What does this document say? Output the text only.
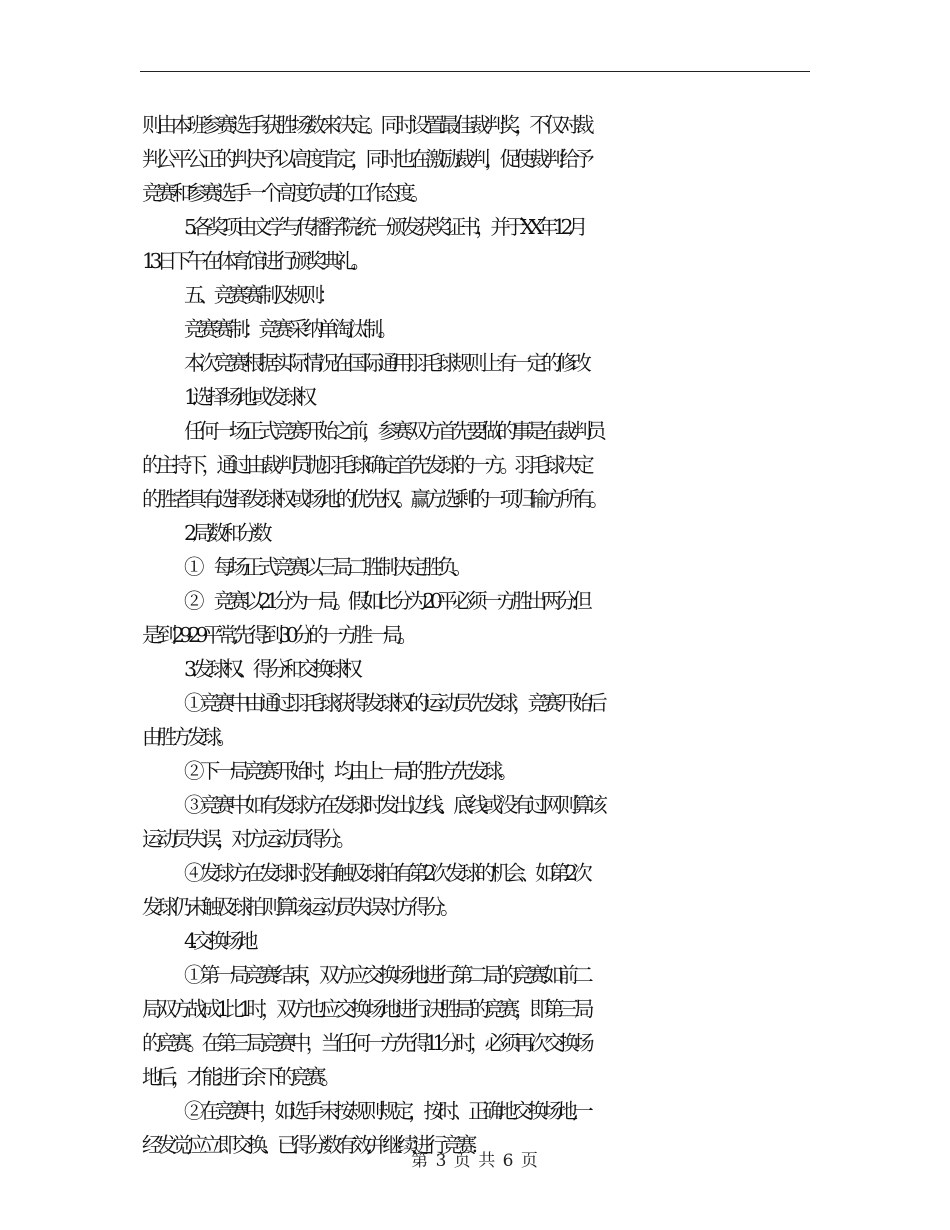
则由本班参赛选手获胜场数来决定。同时设置最佳裁判奖，不仅对裁
判公平公正的判决予以高度肯定，同时也在激励裁判，促使裁判给予
竞赛和参赛选手一个高度负责的工作态度。
5.各奖项由文学与传播学院统一颁发获奖证书，并于XX年12月
13日下午在体育馆进行颁奖典礼。
五、竞赛赛制及规则：
竞赛赛制：竞赛采纳单淘汰制。
本次竞赛根据实际情况在国际通用羽毛球规则上有一定的修改
1.选择场地或发球权
任何一场正式竞赛开始之前，参赛双方首先要做的事是在裁判员
的主持下，通过由裁判员抛羽毛球确定首先发球的一方。羽毛球决定
的胜者具有选择发球权或场地的优先权。赢方选剩的一项归输方所有。
2.局数和分数
①　每场正式竞赛以三局二胜制决定胜负。
②　竞赛以21分为一局。假如比分为20平必须一方胜出两分.但
是到29-29平常,先得到30分的一方胜一局。
3. 发球权、得分和交换球权
① 竞赛中由通过羽毛球获得发球权的运动员先发球，竞赛开始后
由胜方发球。
② 下一局竞赛开始时，均由上一局的胜方先发球。
③ 竞赛中如有发球方在发球时发出边线、底线或没有过网则算该
运动员失误，对方运动员得分。
④ 发球方在发球时没有触及球拍有第2次发球的机会、如第2次
发球仍未触及球拍则算该运动员失误对方得分。
4. 交换场地
① 第一局竞赛结束，双方应交换场地进行第二局的竞赛.如前二
局双方战成1比1时，双方也应交换场地进行决胜局的竞赛，即第三局
的竞赛。在第三局竞赛中，当任何一方先得11分时，必须再次交换场
地后，才能进行余下的竞赛。
② 在竞赛中，如选手未按规则规定，按时、正确地交换场地,一
经发觉,应立即交换、已得分数有效,并继续进行竞赛.
第 3 页 共 6 页
